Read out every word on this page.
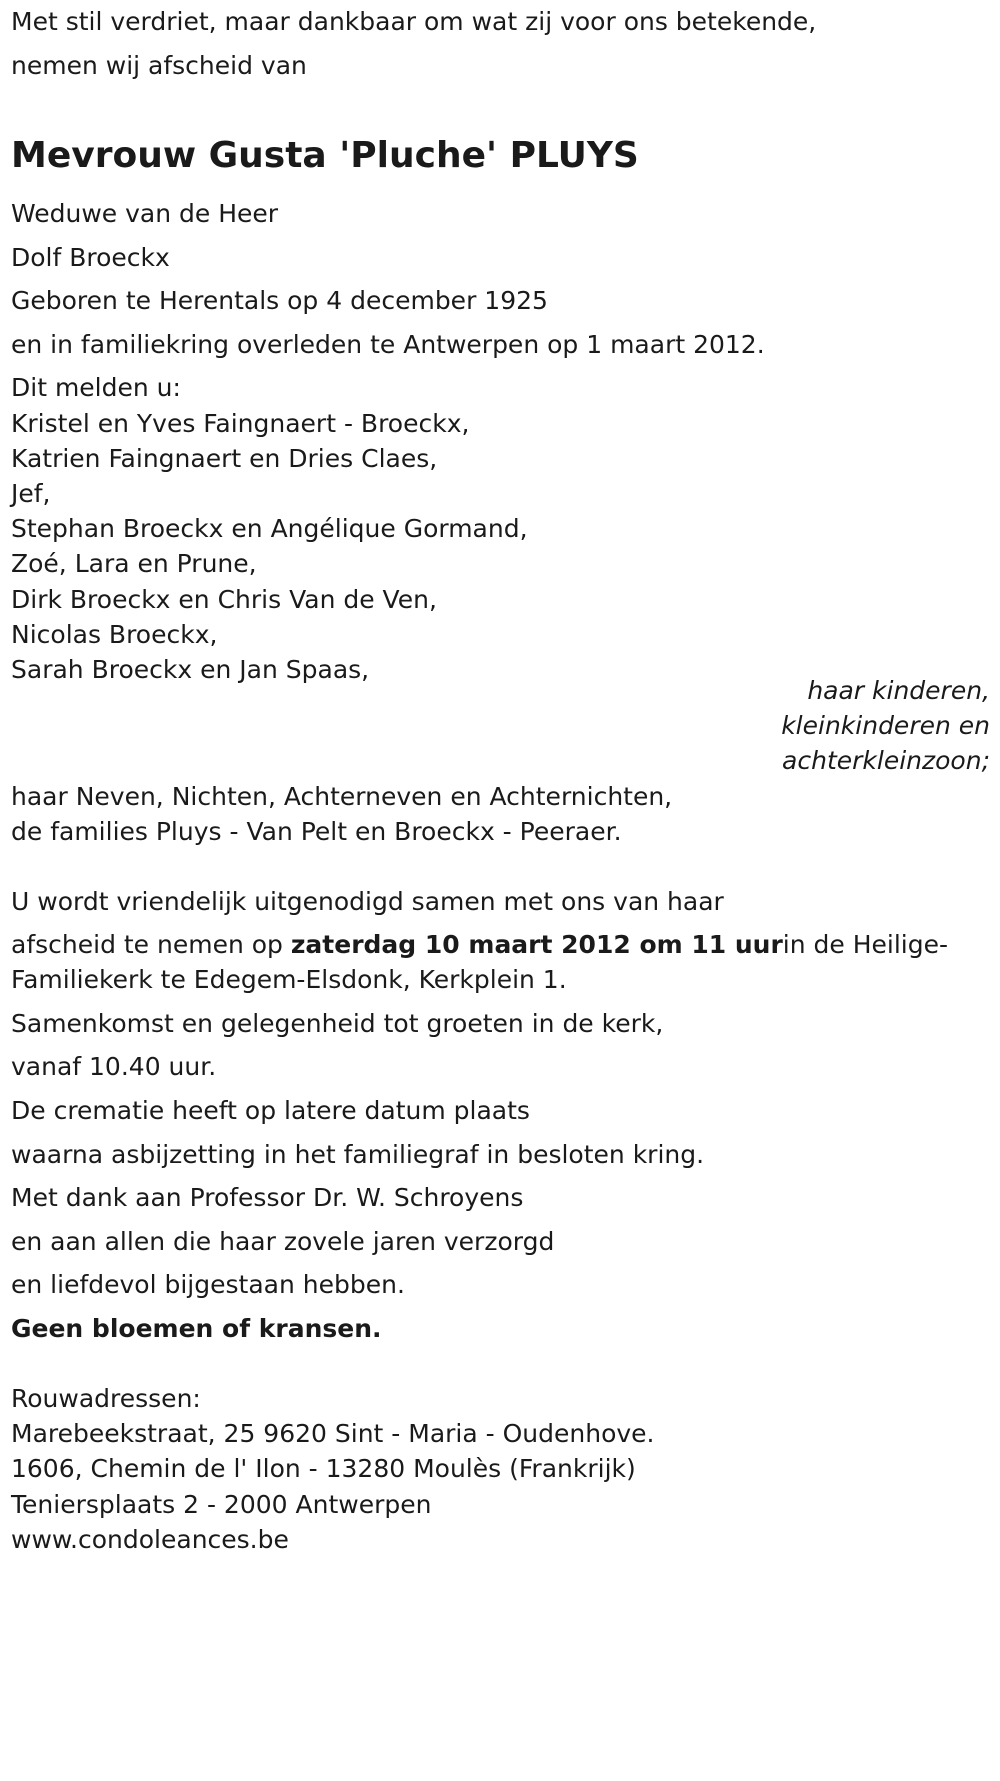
Met stil verdriet, maar dankbaar om wat zij voor ons betekende,
nemen wij afscheid van
Mevrouw Gusta 'Pluche' PLUYS
Weduwe van de Heer
Dolf Broeckx
Geboren te Herentals op 4 december 1925
en in familiekring overleden te Antwerpen op 1 maart 2012.
Dit melden u:
Kristel en Yves Faingnaert - Broeckx,
Katrien Faingnaert en Dries Claes,
Jef,
Stephan Broeckx en Angélique Gormand,
Zoé, Lara en Prune,
Dirk Broeckx en Chris Van de Ven,
Nicolas Broeckx,
Sarah Broeckx en Jan Spaas,
haar kinderen,
kleinkinderen en
achterkleinzoon;
haar Neven, Nichten, Achterneven en Achternichten,
de families Pluys - Van Pelt en Broeckx - Peeraer.
U wordt vriendelijk uitgenodigd samen met ons van haar
afscheid te nemen op zaterdag 10 maart 2012 om 11 uurin de Heilige-
Familiekerk te Edegem-Elsdonk, Kerkplein 1.
Samenkomst en gelegenheid tot groeten in de kerk,
vanaf 10.40 uur.
De crematie heeft op latere datum plaats
waarna asbijzetting in het familiegraf in besloten kring.
Met dank aan Professor Dr. W. Schroyens
en aan allen die haar zovele jaren verzorgd
en liefdevol bijgestaan hebben.
Geen bloemen of kransen.
Rouwadressen:
Marebeekstraat, 25 9620 Sint - Maria - Oudenhove.
1606, Chemin de l' Ilon - 13280 Moulès (Frankrijk)
Teniersplaats 2 - 2000 Antwerpen
www.condoleances.be
